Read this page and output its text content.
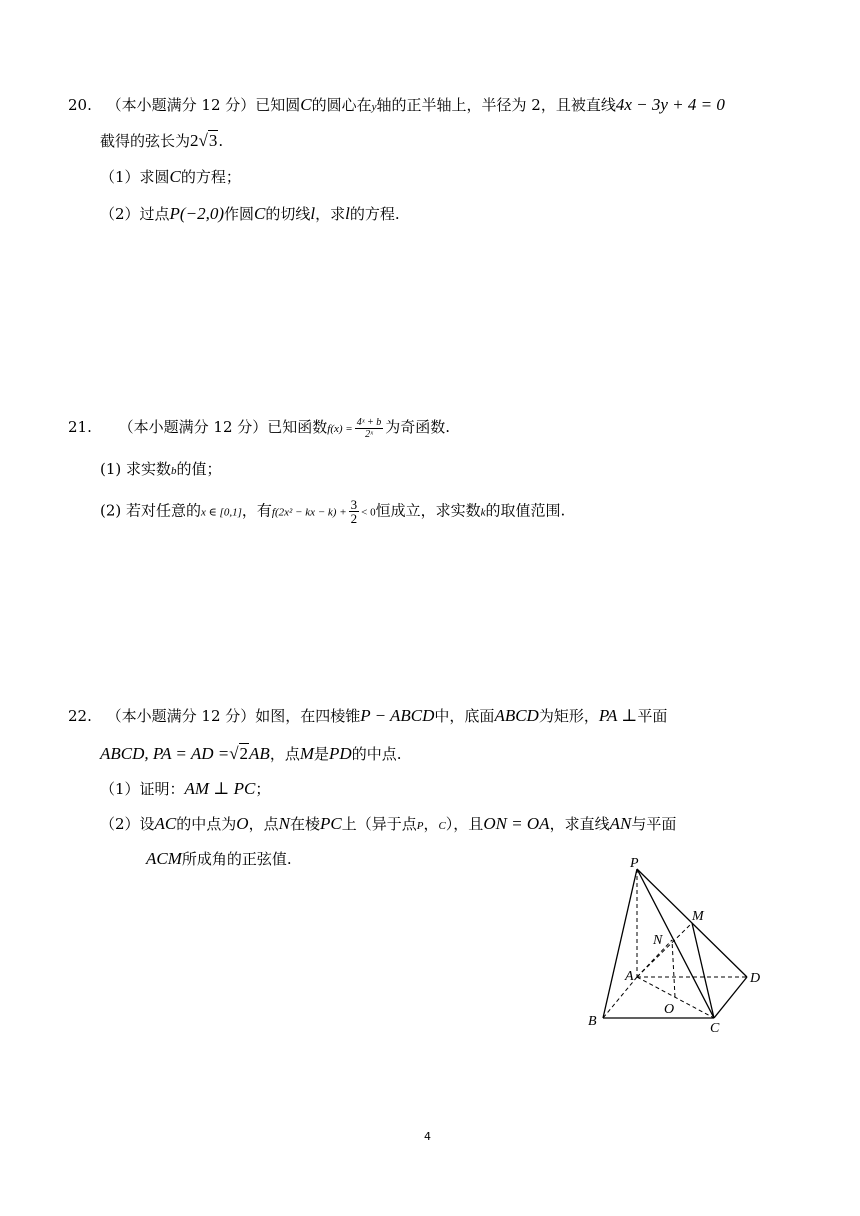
20. （本小题满分 12 分）已知圆C的圆心在y轴的正半轴上，半径为 2，且被直线4x − 3y + 4 = 0
截得的弦长为2√3.
（1）求圆C的方程；
（2）过点P(−2,0)作圆C的切线l，求l的方程.
21. （本小题满分 12 分）已知函数$f(x) = \frac{\text{4ˣ + b}}{\text{2ˣ}}$ 为奇函数.
(1) 求实数b的值；
(2) 若对任意的x ∈ [0,1]，有f(2x² − kx − $k) + \frac{3}{2} < 0$恒成立，求实数k的取值范围.
22. （本小题满分 12 分）如图，在四棱锥P − ABCD中，底面ABCD为矩形，PA ⊥平面
ABCD, PA = AD =√2AB，点M是PD的中点.
（1）证明：AM ⊥ PC；
（2）设AC的中点为O，点N在棱PC上（异于点P，C），且ON = OA，求直线AN与平面
ACM所成角的正弦值.	P
M
N
A	D
O
B	C
4
